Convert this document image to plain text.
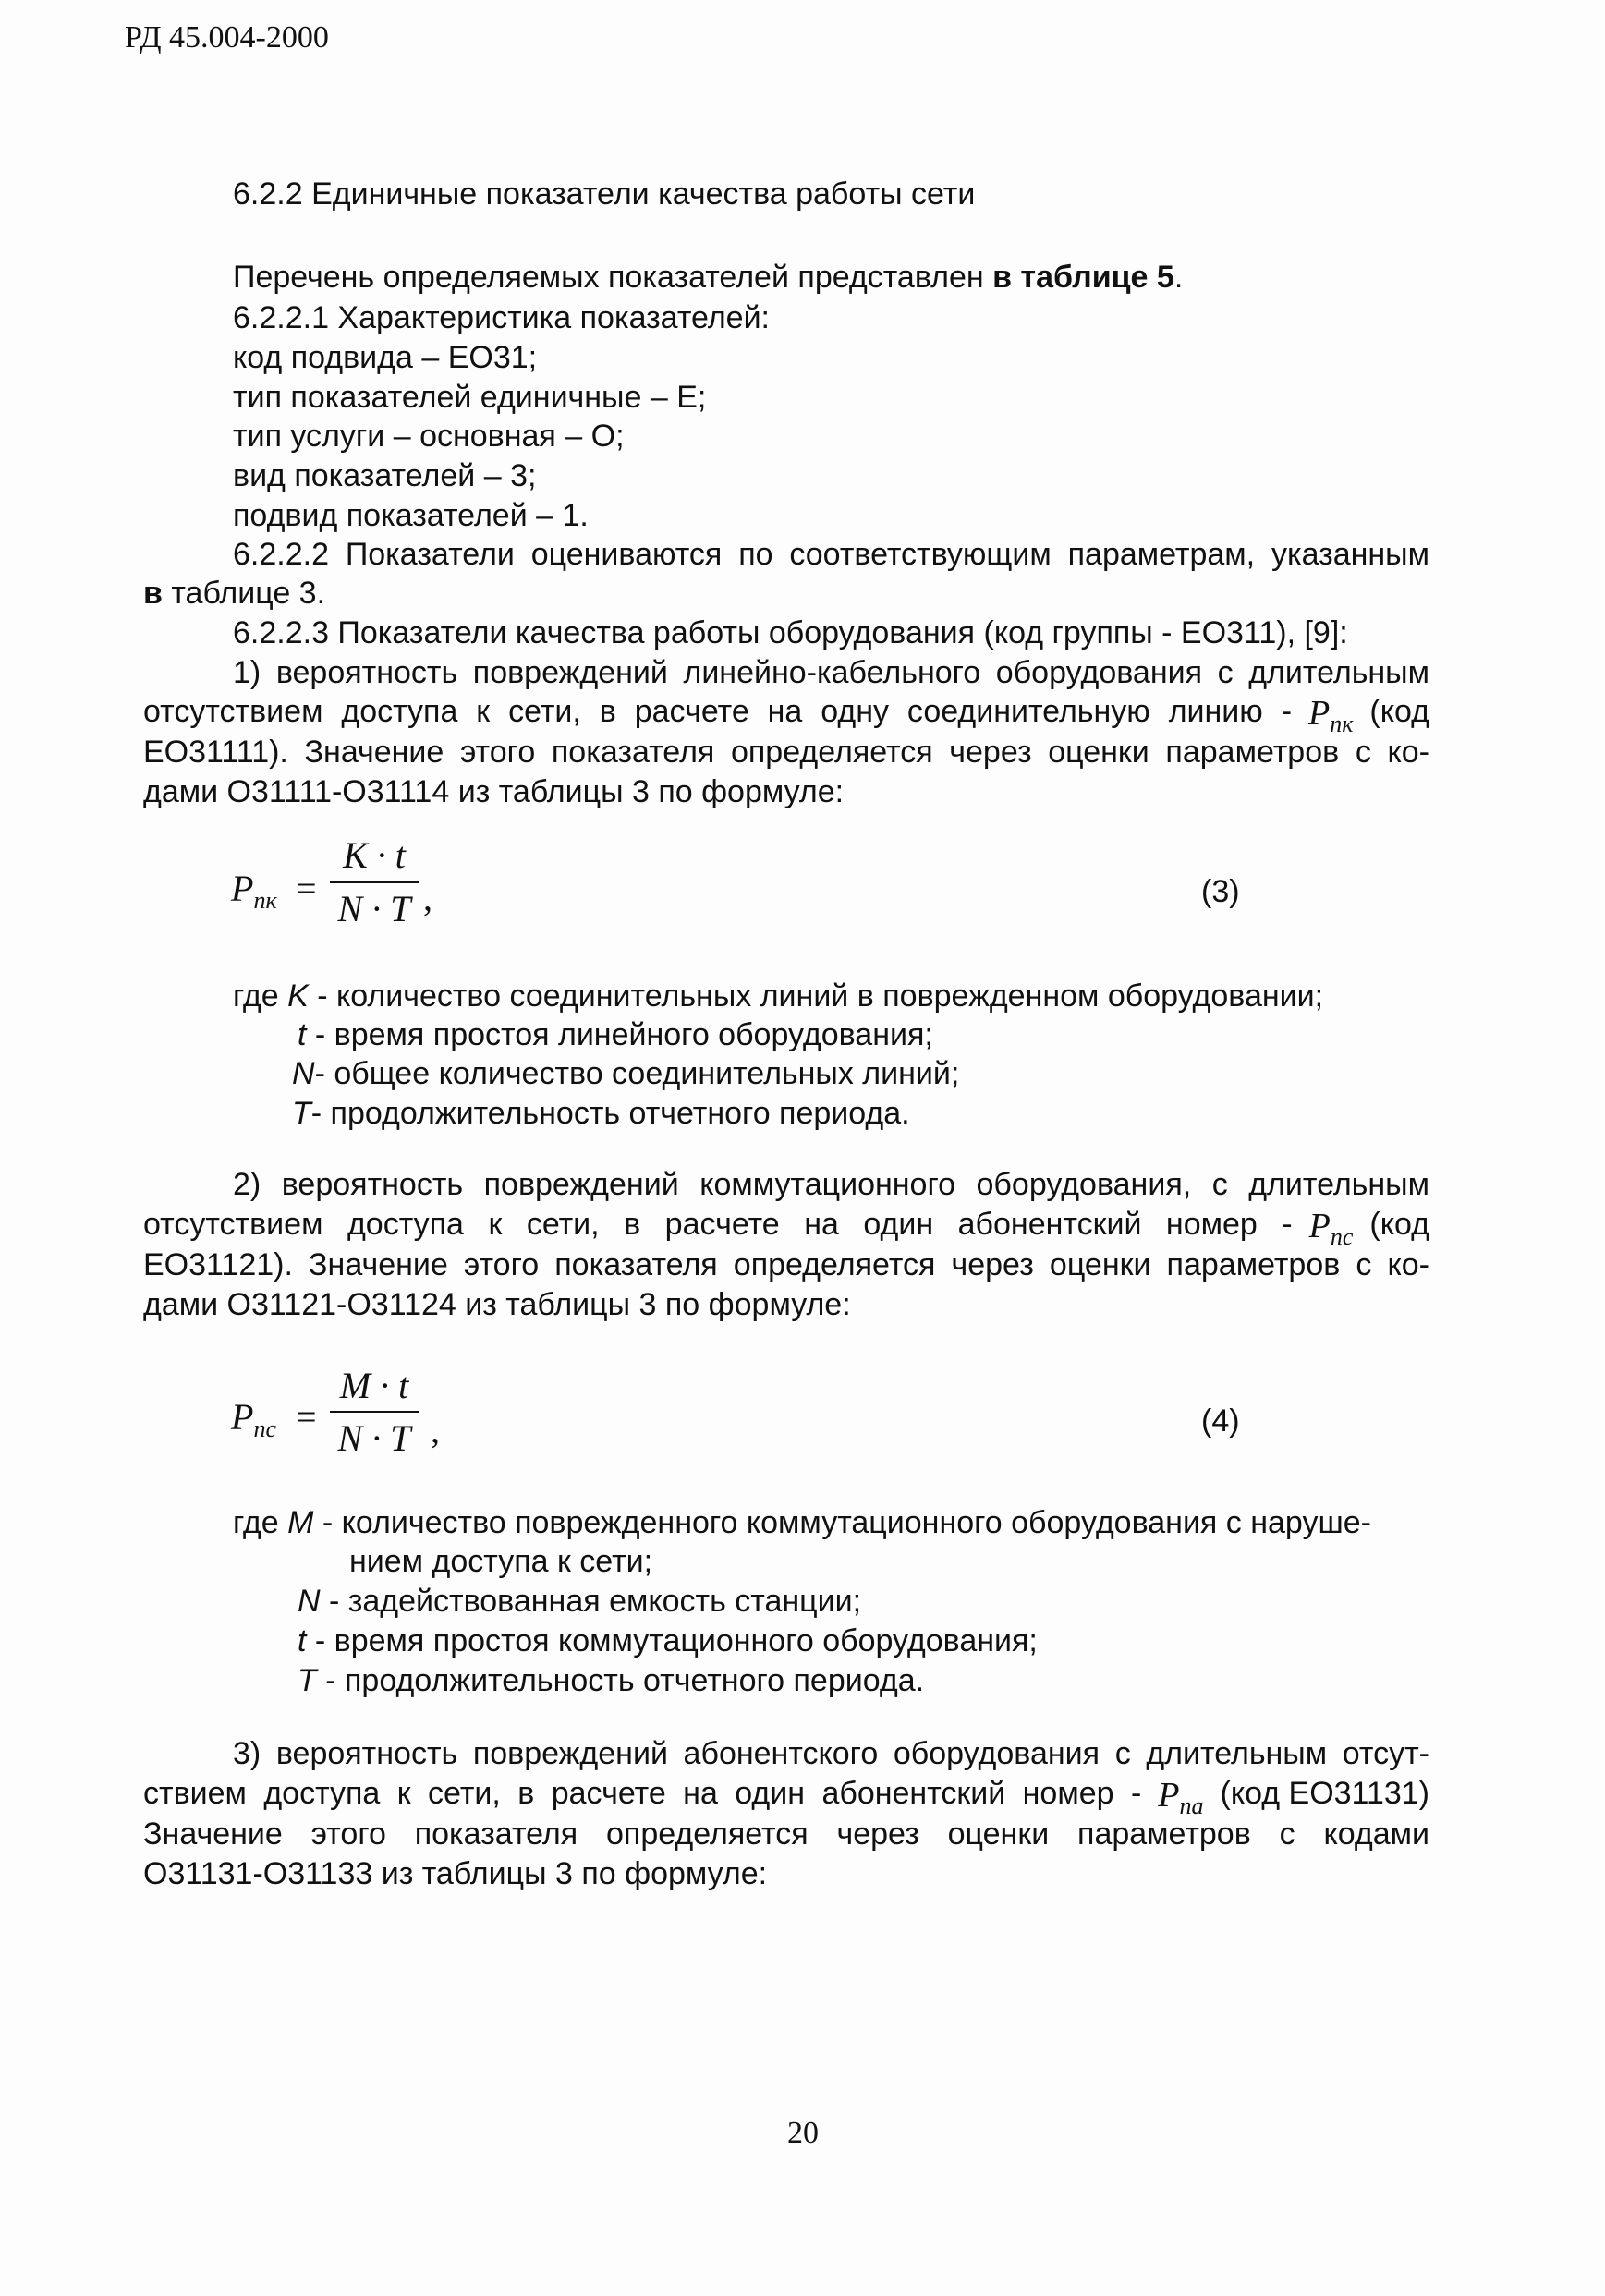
РД 45.004-2000
6.2.2 Единичные показатели качества работы сети
Перечень определяемых показателей представлен в таблице 5.
6.2.2.1 Характеристика показателей:
код подвида – ЕО31;
тип показателей единичные – Е;
тип услуги – основная – О;
вид показателей – 3;
подвид показателей – 1.
6.2.2.2 Показатели оцениваются по соответствующим параметрам, указанным
в таблице 3.
6.2.2.3 Показатели качества работы оборудования (код группы - ЕО311), [9]:
1) вероятность повреждений линейно-кабельного оборудования с длительным
отсутствием доступа к сети, в расчете на одну соединительную линию - $P_{пк}$ (код
ЕО31111). Значение этого показателя определяется через оценки параметров с ко-
дами О31111-О31114 из таблицы 3 по формуле:
$P_{пк}$ =
K · t
N · T ,	(3)
где K - количество соединительных линий в поврежденном оборудовании;
t - время простоя линейного оборудования;
N- общее количество соединительных линий;
T- продолжительность отчетного периода.
2) вероятность повреждений коммутационного оборудования, с длительным
отсутствием доступа к сети, в расчете на один абонентский номер - $P_{пс}$ (код
ЕО31121). Значение этого показателя определяется через оценки параметров с ко-
дами О31121-О31124 из таблицы 3 по формуле:
$P_{пс}$ =
M · t
N · T ,	(4)
где M - количество поврежденного коммутационного оборудования с наруше-
нием доступа к сети;
N - задействованная емкость станции;
t - время простоя коммутационного оборудования;
T - продолжительность отчетного периода.
3) вероятность повреждений абонентского оборудования с длительным отсут-
ствием доступа к сети, в расчете на один абонентский номер - $P_{па}$ (код ЕО31131)
Значение этого показателя определяется через оценки параметров с кодами
О31131-О31133 из таблицы 3 по формуле:
20
